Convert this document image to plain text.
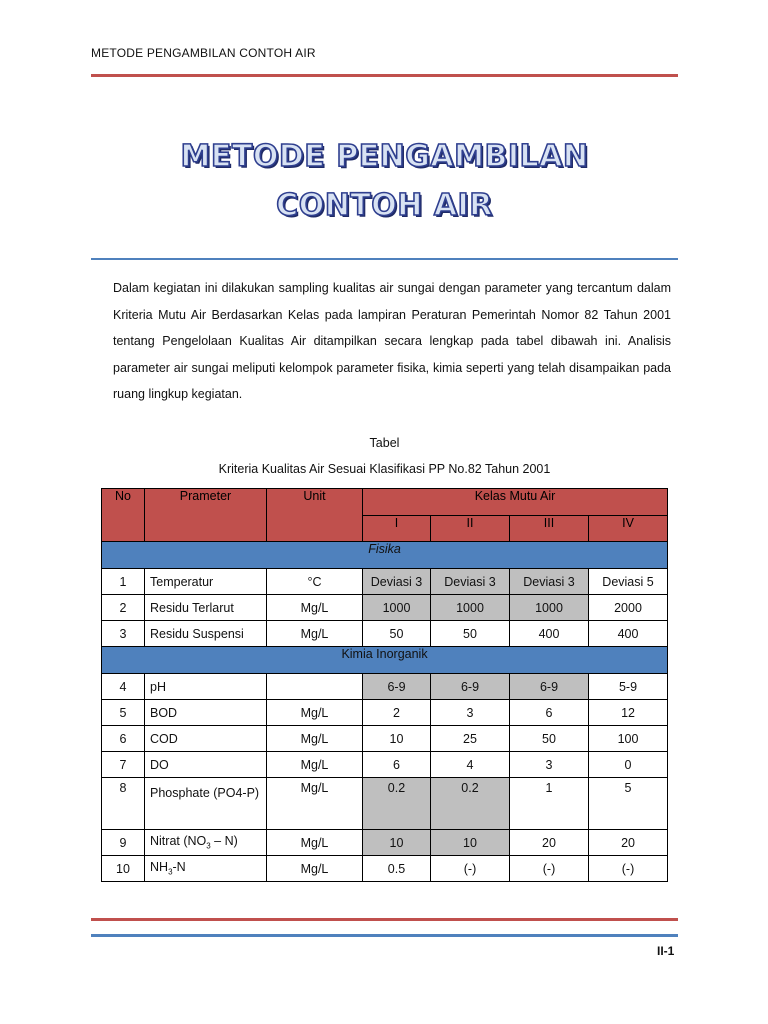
METODE PENGAMBILAN CONTOH AIR
METODE PENGAMBILAN
CONTOH AIR

Dalam kegiatan ini dilakukan sampling kualitas air sungai dengan parameter yang tercantum dalam Kriteria Mutu Air Berdasarkan Kelas pada lampiran Peraturan Pemerintah Nomor 82 Tahun 2001 tentang Pengelolaan Kualitas Air ditampilkan secara lengkap pada tabel dibawah ini. Analisis parameter air sungai meliputi kelompok parameter fisika, kimia seperti yang telah disampaikan pada ruang lingkup kegiatan.

Tabel
Kriteria Kualitas Air Sesuai Klasifikasi PP No.82 Tahun 2001
No	Prameter	Unit	Kelas Mutu Air			
			I	II	III	IV
Fisika						
1	Temperatur	°C	Deviasi 3	Deviasi 3	Deviasi 3	Deviasi 5
2	Residu Terlarut	Mg/L	1000	1000	1000	2000
3	Residu Suspensi	Mg/L	50	50	400	400
Kimia Inorganik						
4	pH		6-9	6-9	6-9	5-9
5	BOD	Mg/L	2	3	6	12
6	COD	Mg/L	10	25	50	100
7	DO	Mg/L	6	4	3	0
8	Phosphate (PO4-P)	Mg/L	0.2	0.2	1	5
9	Nitrat $(NO_3 - N)$	Mg/L	10	10	20	20
10	$NH_3-N$	Mg/L	0.5	(-)	(-)	(-)
II-1
